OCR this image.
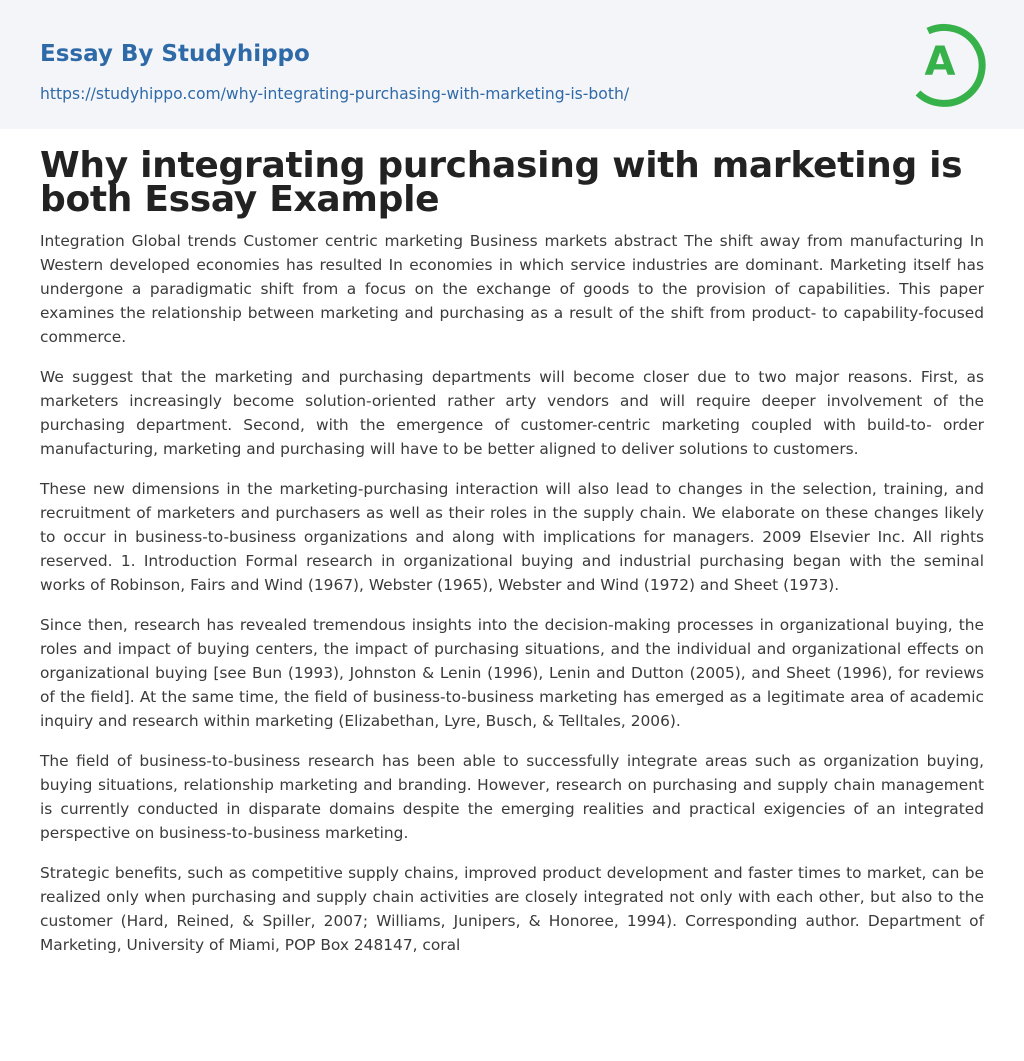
Essay By Studyhippo
https://studyhippo.com/why-integrating-purchasing-with-marketing-is-both/
A
Why integrating purchasing with marketing is both Essay Example

Integration Global trends Customer centric marketing Business markets abstract The shift away from manufacturing In Western developed economies has resulted In economies in which service industries are dominant. Marketing itself has undergone a paradigmatic shift from a focus on the exchange of goods to the provision of capabilities. This paper examines the relationship between marketing and purchasing as a result of the shift from product- to capability-focused commerce.

We suggest that the marketing and purchasing departments will become closer due to two major reasons. First, as marketers increasingly become solution-oriented rather arty vendors and will require deeper involvement of the purchasing department. Second, with the emergence of customer-centric marketing coupled with build-to- order manufacturing, marketing and purchasing will have to be better aligned to deliver solutions to customers.

These new dimensions in the marketing-purchasing interaction will also lead to changes in the selection, training, and recruitment of marketers and purchasers as well as their roles in the supply chain. We elaborate on these changes likely to occur in business-to-business organizations and along with implications for managers. 2009 Elsevier Inc. All rights reserved. 1. Introduction Formal research in organizational buying and industrial purchasing began with the seminal works of Robinson, Fairs and Wind (1967), Webster (1965), Webster and Wind (1972) and Sheet (1973).

Since then, research has revealed tremendous insights into the decision-making processes in organizational buying, the roles and impact of buying centers, the impact of purchasing situations, and the individual and organizational effects on organizational buying [see Bun (1993), Johnston & Lenin (1996), Lenin and Dutton (2005), and Sheet (1996), for reviews of the field]. At the same time, the field of business-to-business marketing has emerged as a legitimate area of academic inquiry and research within marketing (Elizabethan, Lyre, Busch, & Telltales, 2006).

The field of business-to-business research has been able to successfully integrate areas such as organization buying, buying situations, relationship marketing and branding. However, research on purchasing and supply chain management is currently conducted in disparate domains despite the emerging realities and practical exigencies of an integrated perspective on business-to-business marketing.

Strategic benefits, such as competitive supply chains, improved product development and faster times to market, can be realized only when purchasing and supply chain activities are closely integrated not only with each other, but also to the customer (Hard, Reined, & Spiller, 2007; Williams, Junipers, & Honoree, 1994). Corresponding author. Department of Marketing, University of Miami, POP Box 248147, coral
